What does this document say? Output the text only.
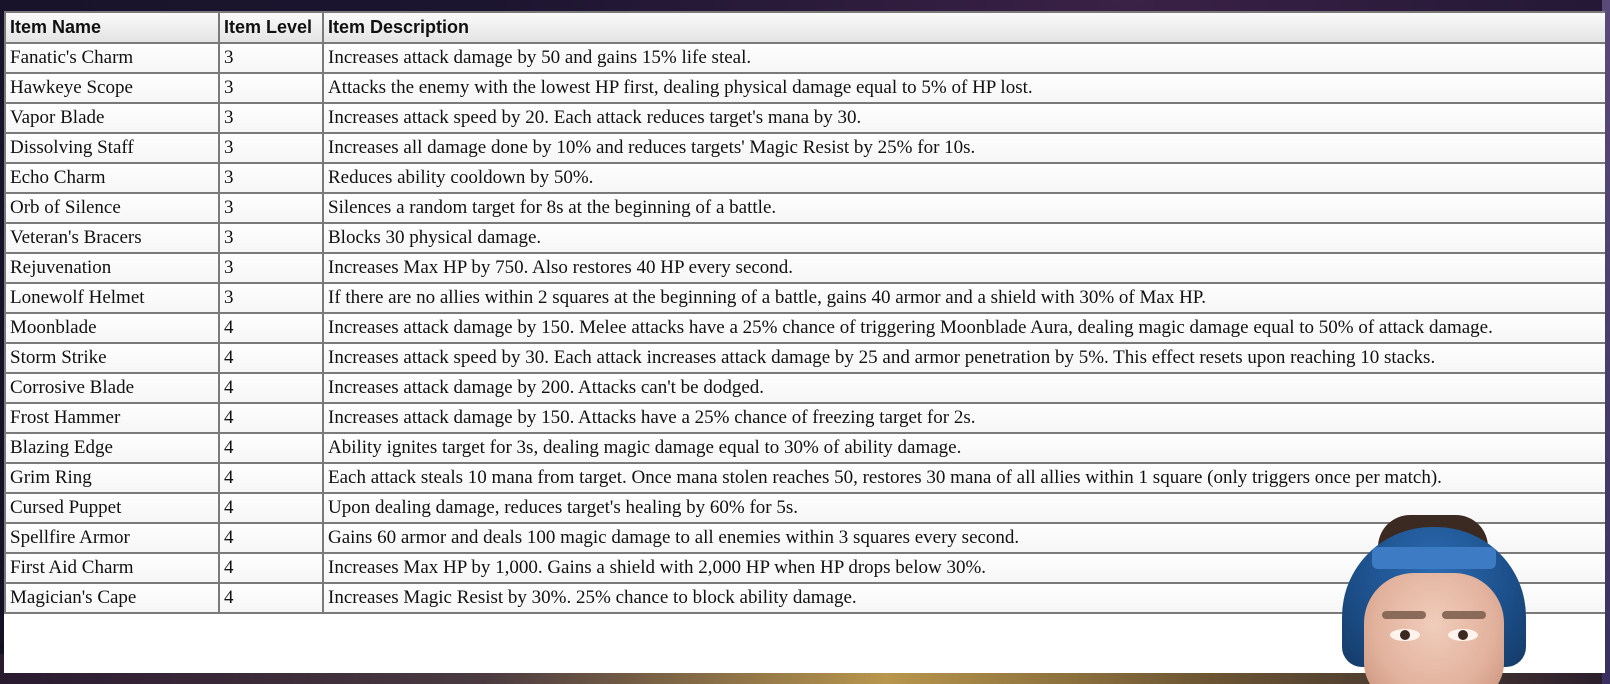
Item Name	Item Level	Item Description
Fanatic's Charm	3	Increases attack damage by 50 and gains 15% life steal.
Hawkeye Scope	3	Attacks the enemy with the lowest HP first, dealing physical damage equal to 5% of HP lost.
Vapor Blade	3	Increases attack speed by 20. Each attack reduces target's mana by 30.
Dissolving Staff	3	Increases all damage done by 10% and reduces targets' Magic Resist by 25% for 10s.
Echo Charm	3	Reduces ability cooldown by 50%.
Orb of Silence	3	Silences a random target for 8s at the beginning of a battle.
Veteran's Bracers	3	Blocks 30 physical damage.
Rejuvenation	3	Increases Max HP by 750. Also restores 40 HP every second.
Lonewolf Helmet	3	If there are no allies within 2 squares at the beginning of a battle, gains 40 armor and a shield with 30% of Max HP.
Moonblade	4	Increases attack damage by 150. Melee attacks have a 25% chance of triggering Moonblade Aura, dealing magic damage equal to 50% of attack damage.
Storm Strike	4	Increases attack speed by 30. Each attack increases attack damage by 25 and armor penetration by 5%. This effect resets upon reaching 10 stacks.
Corrosive Blade	4	Increases attack damage by 200. Attacks can't be dodged.
Frost Hammer	4	Increases attack damage by 150. Attacks have a 25% chance of freezing target for 2s.
Blazing Edge	4	Ability ignites target for 3s, dealing magic damage equal to 30% of ability damage.
Grim Ring	4	Each attack steals 10 mana from target. Once mana stolen reaches 50, restores 30 mana of all allies within 1 square (only triggers once per match).
Cursed Puppet	4	Upon dealing damage, reduces target's healing by 60% for 5s.
Spellfire Armor	4	Gains 60 armor and deals 100 magic damage to all enemies within 3 squares every second.
First Aid Charm	4	Increases Max HP by 1,000. Gains a shield with 2,000 HP when HP drops below 30%.
Magician's Cape	4	Increases Magic Resist by 30%. 25% chance to block ability damage.
